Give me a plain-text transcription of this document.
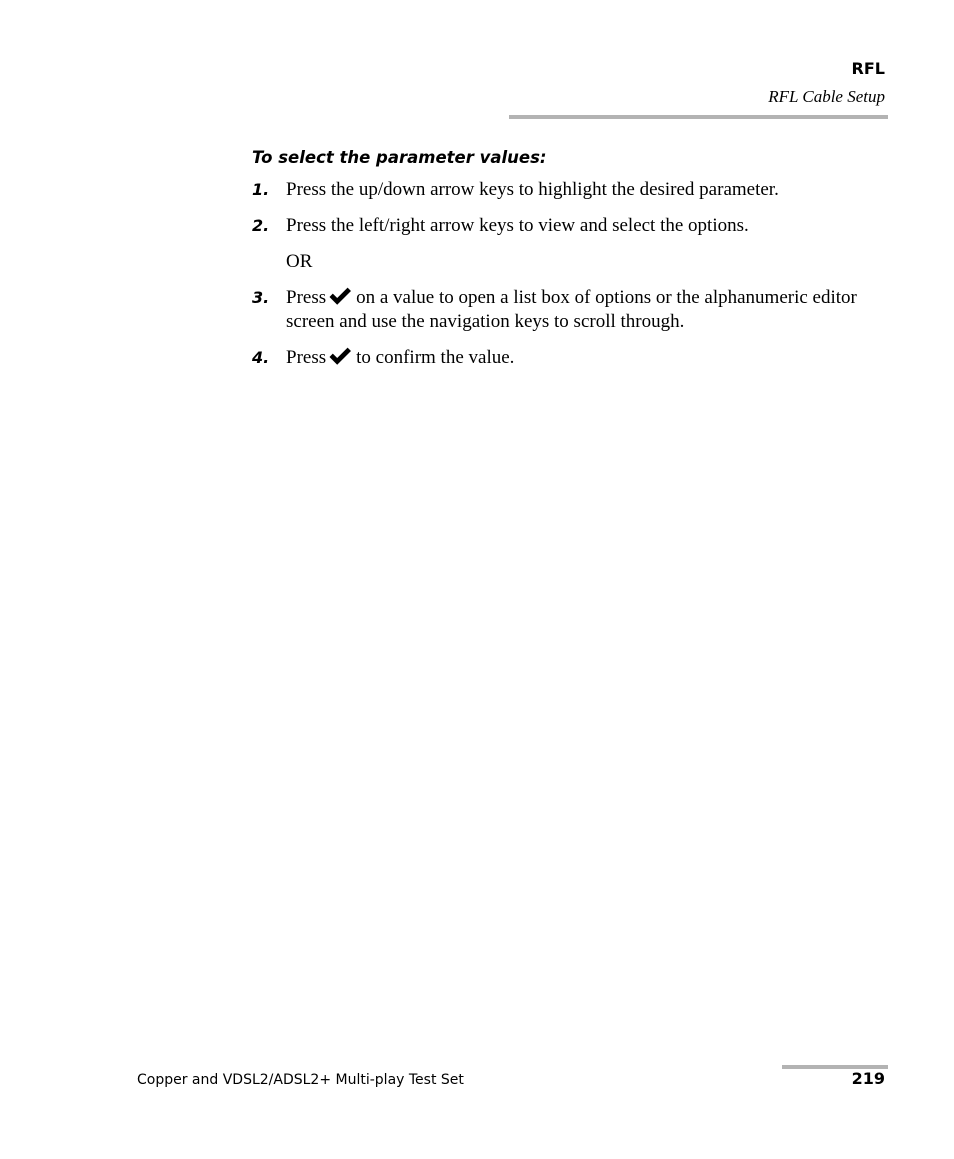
RFL
RFL Cable Setup
To select the parameter values:
1. Press the up/down arrow keys to highlight the desired parameter.
2. Press the left/right arrow keys to view and select the options.
OR
3. Press on a value to open a list box of options or the alphanumeric editor screen and use the navigation keys to scroll through.
4. Press to confirm the value.
Copper and VDSL2/ADSL2+ Multi-play Test Set	219
